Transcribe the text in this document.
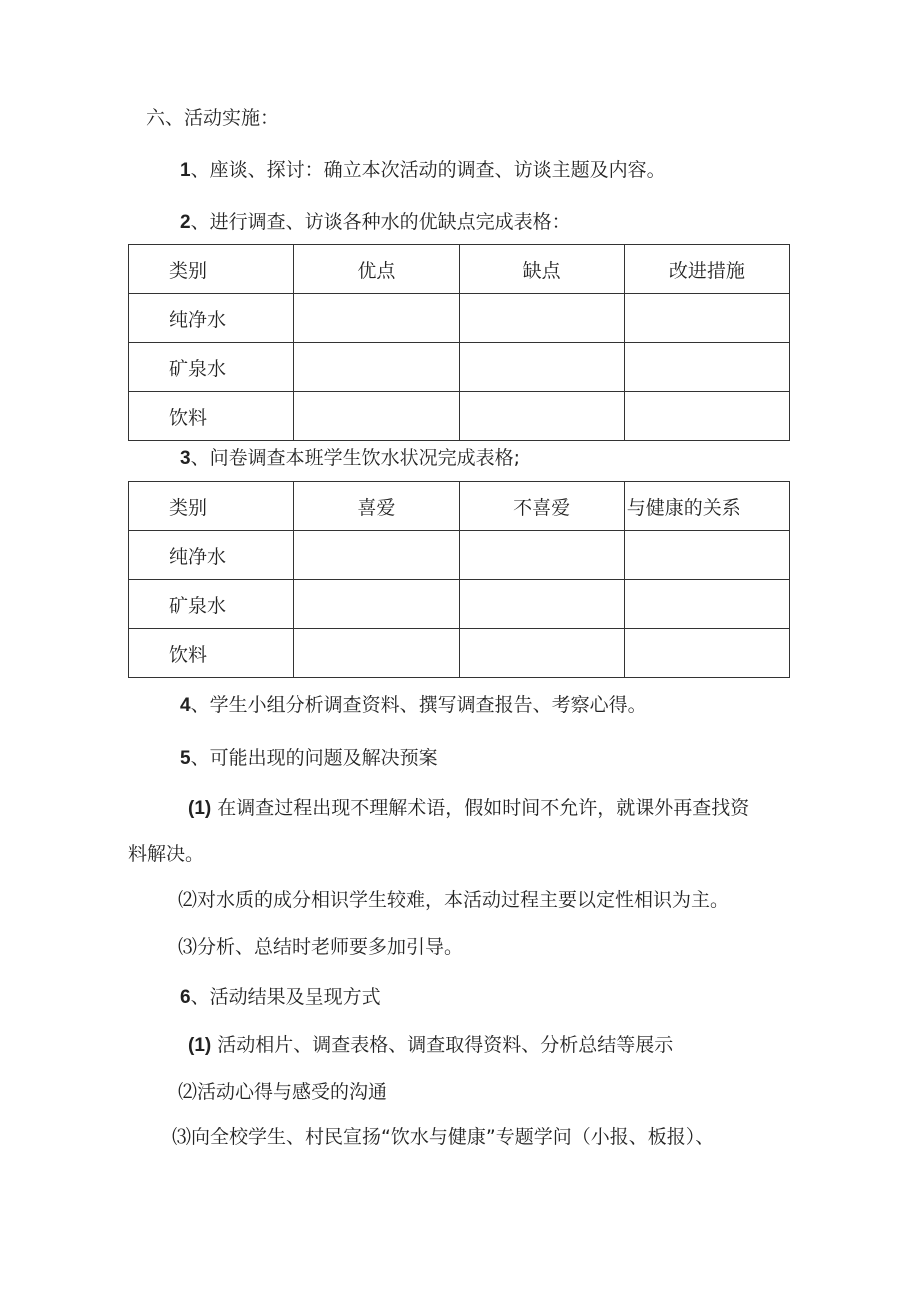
六、活动实施：
1、座谈、探讨：确立本次活动的调查、访谈主题及内容。
2、进行调查、访谈各种水的优缺点完成表格：
类别	优点	缺点	改进措施
纯净水			
矿泉水			
饮料			
3、问卷调查本班学生饮水状况完成表格;
类别	喜爱	不喜爱	与健康的关系
纯净水			
矿泉水			
饮料			
4、学生小组分析调查资料、撰写调查报告、考察心得。
5、可能出现的问题及解决预案
(1) 在调查过程出现不理解术语，假如时间不允许，就课外再查找资
料解决。
⑵对水质的成分相识学生较难，本活动过程主要以定性相识为主。
⑶分析、总结时老师要多加引导。
6、活动结果及呈现方式
(1) 活动相片、调查表格、调查取得资料、分析总结等展示
⑵活动心得与感受的沟通
⑶向全校学生、村民宣扬“饮水与健康”专题学问（小报、板报）、
